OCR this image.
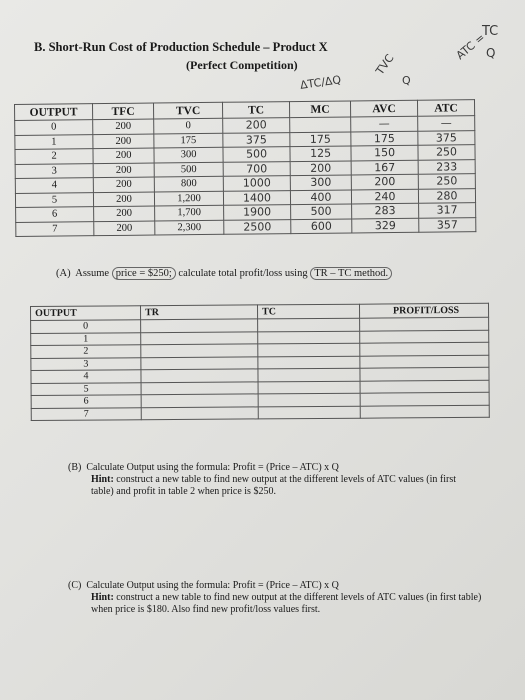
B. Short-Run Cost of Production Schedule – Product X
(Perfect Competition)	TVC
Q
ATC =
TC
Q
ΔTC/ΔQ
OUTPUT	TFC	TVC	TC	MC	AVC	ATC
0	200	0	200		—	—
1	200	175	375	175	175	375
2	200	300	500	125	150	250
3	200	500	700	200	167	233
4	200	800	1000	300	200	250
5	200	1,200	1400	400	240	280
6	200	1,700	1900	500	283	317
7	200	2,300	2500	600	329	357
(A) Assume price = $250; calculate total profit/loss using TR – TC method.
OUTPUT	TR	TC	PROFIT/LOSS
0			
1			
2			
3			
4			
5			
6			
7			
(B) Calculate Output using the formula: Profit = (Price – ATC) x Q
Hint: construct a new table to find new output at the different levels of ATC values (in first table) and profit in table 2 when price is $250.
(C) Calculate Output using the formula: Profit = (Price – ATC) x Q
Hint: construct a new table to find new output at the different levels of ATC values (in first table) when price is $180. Also find new profit/loss values first.
